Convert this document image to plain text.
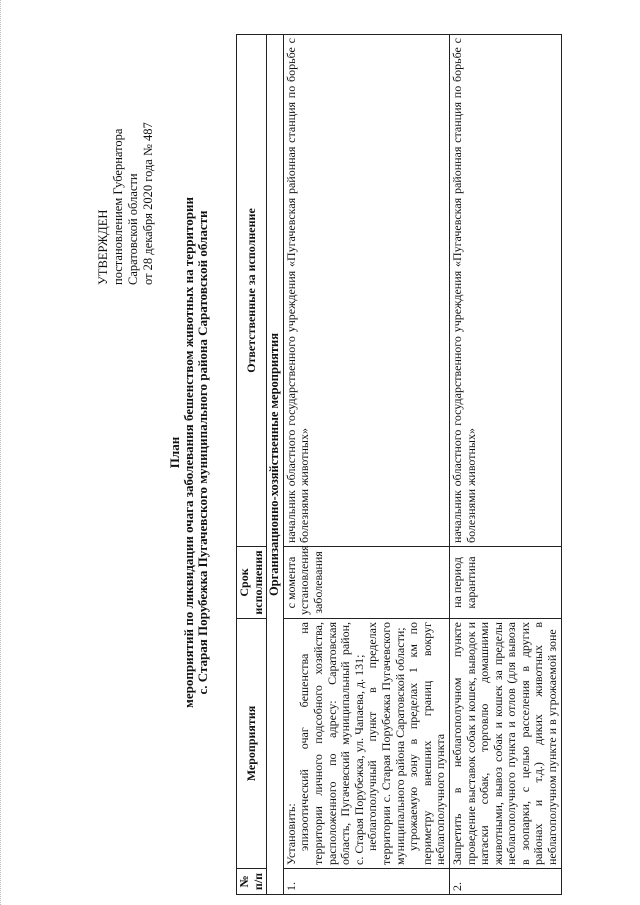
УТВЕРЖДЕН постановлением Губернатора Саратовской области от 28 декабря 2020 года № 487
План мероприятий по ликвидации очага заболевания бешенством животных на территории с. Старая Порубежка Пугачевского муниципального района Саратовской области
№ п/п	Мероприятия	Срок исполнения	Ответственные за исполнение
Организационно-хозяйственные мероприятия			
1.	Установить: эпизоотический очаг бешенства на территории личного подсобного хозяйства, расположенного по адресу: Саратовская область, Пугачевский муниципальный район, с. Старая Порубежка, ул. Чапаева, д. 131; неблагополучный пункт в пределах территории с. Старая Порубежка Пугачевского муниципального района Саратовской области; угрожаемую зону в пределах 1 км по периметру внешних границ вокруг неблагополучного пункта	с момента установления заболевания	начальник областного государственного учреждения «Пугачевская районная станция по борьбе с болезнями животных»
2.	Запретить в неблагополучном пункте проведение выставок собак и кошек, выводок и натаски собак, торговлю домашними животными, вывоз собак и кошек за пределы неблагополучного пункта и отлов (для вывоза в зоопарки, с целью расселения в других районах и т.д.) диких животных в неблагополучном пункте и в угрожаемой зоне	на период карантина	начальник областного государственного учреждения «Пугачевская районная станция по борьбе с болезнями животных»
